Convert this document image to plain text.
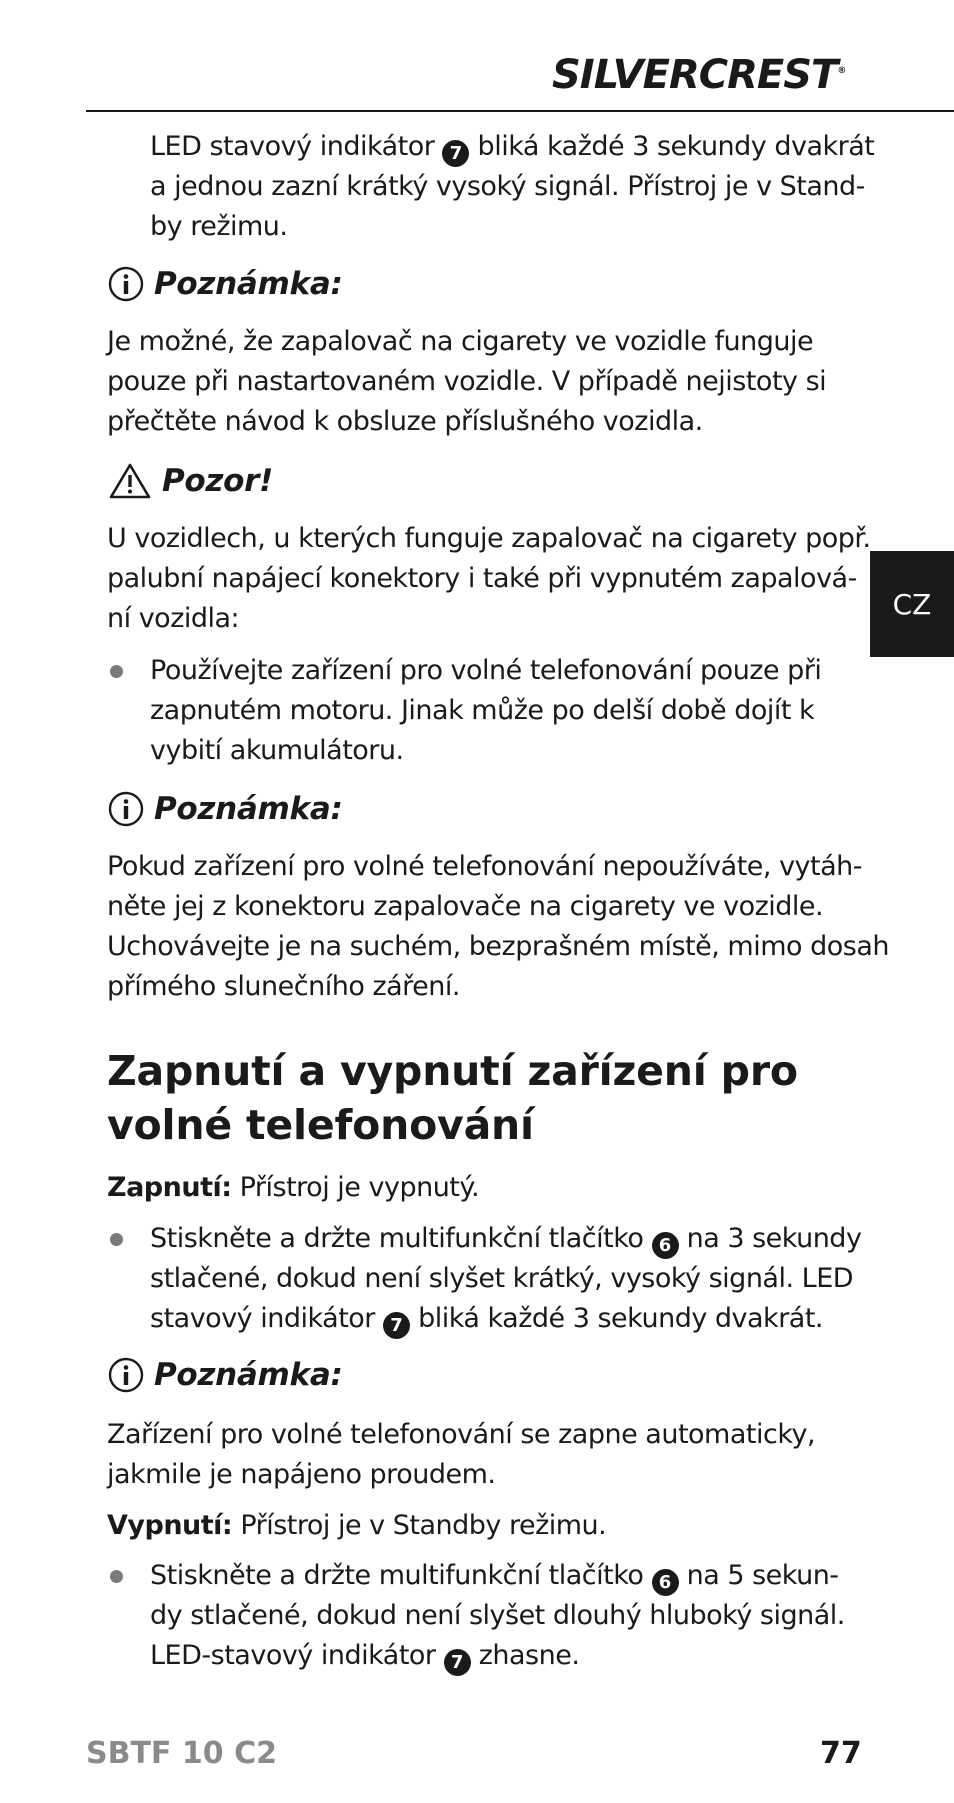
SILVERCREST®
CZ
LED stavový indikátor 7 bliká každé 3 sekundy dvakrát
a jednou zazní krátký vysoký signál. Přístroj je v Stand-
by režimu.
Poznámka:
Je možné, že zapalovač na cigarety ve vozidle funguje
pouze při nastartovaném vozidle. V případě nejistoty si
přečtěte návod k obsluze příslušného vozidla.
Pozor!
U vozidlech, u kterých funguje zapalovač na cigarety popř.
palubní napájecí konektory i také při vypnutém zapalová-
ní vozidla:
Používejte zařízení pro volné telefonování pouze při
zapnutém motoru. Jinak může po delší době dojít k
vybití akumulátoru.
Poznámka:
Pokud zařízení pro volné telefonování nepoužíváte, vytáh-
něte jej z konektoru zapalovače na cigarety ve vozidle.
Uchovávejte je na suchém, bezprašném místě, mimo dosah
přímého slunečního záření.
Zapnutí a vypnutí zařízení pro
volné telefonování
Zapnutí: Přístroj je vypnutý.
Stiskněte a držte multifunkční tlačítko 6 na 3 sekundy
stlačené, dokud není slyšet krátký, vysoký signál. LED
stavový indikátor 7 bliká každé 3 sekundy dvakrát.
Poznámka:
Zařízení pro volné telefonování se zapne automaticky,
jakmile je napájeno proudem.
Vypnutí: Přístroj je v Standby režimu.
Stiskněte a držte multifunkční tlačítko 6 na 5 sekun-
dy stlačené, dokud není slyšet dlouhý hluboký signál.
LED-stavový indikátor 7 zhasne.
SBTF 10 C2	77
